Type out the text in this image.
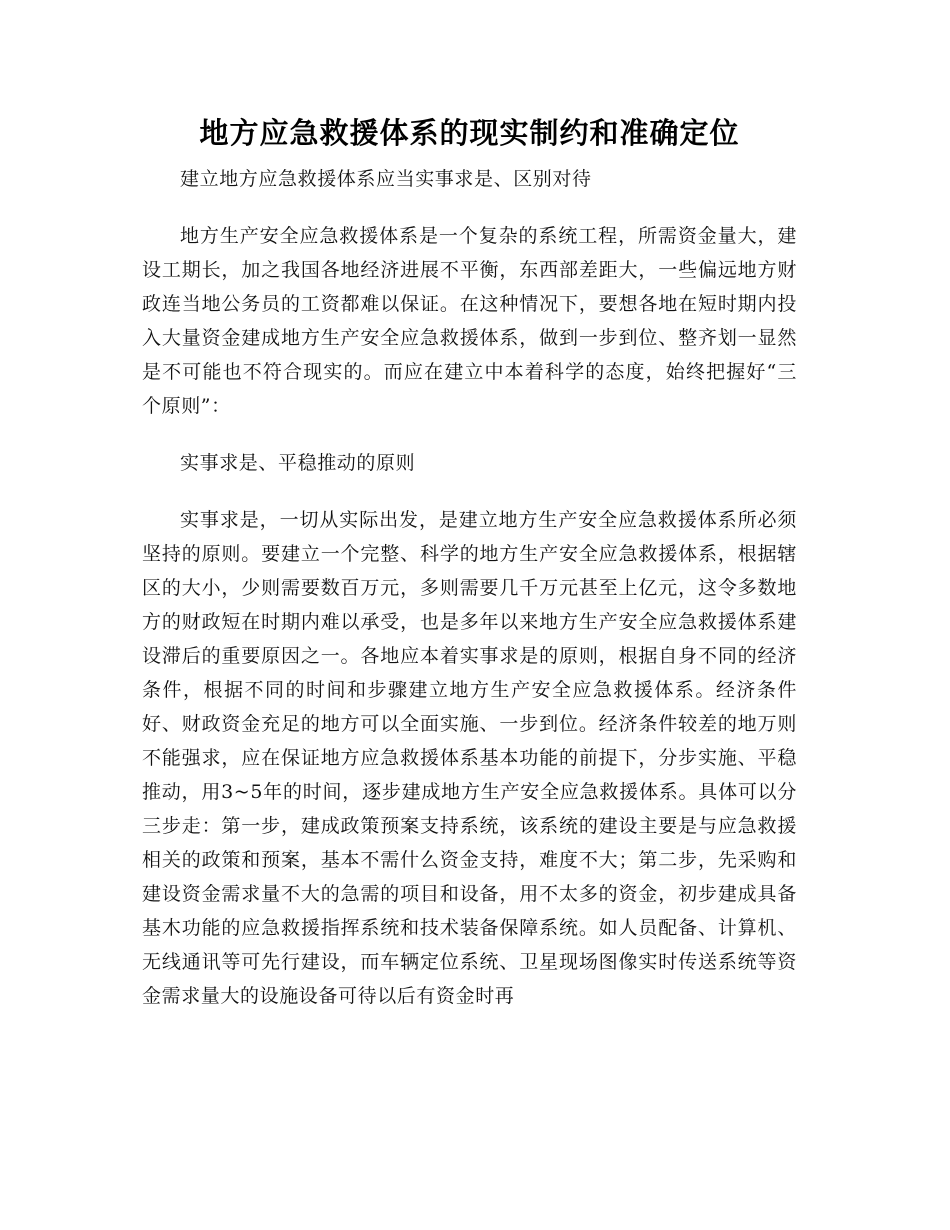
地方应急救援体系的现实制约和准确定位

建立地方应急救援体系应当实事求是、区别对待

地方生产安全应急救援体系是一个复杂的系统工程，所需资金量大，建设工期长，加之我国各地经济进展不平衡，东西部差距大，一些偏远地方财政连当地公务员的工资都难以保证。在这种情况下，要想各地在短时期内投入大量资金建成地方生产安全应急救援体系，做到一步到位、整齐划一显然是不可能也不符合现实的。而应在建立中本着科学的态度，始终把握好“三个原则”：

实事求是、平稳推动的原则

实事求是，一切从实际出发，是建立地方生产安全应急救援体系所必须坚持的原则。要建立一个完整、科学的地方生产安全应急救援体系，根据辖区的大小，少则需要数百万元，多则需要几千万元甚至上亿元，这令多数地方的财政短在时期内难以承受，也是多年以来地方生产安全应急救援体系建设滞后的重要原因之一。各地应本着实事求是的原则，根据自身不同的经济条件，根据不同的时间和步骤建立地方生产安全应急救援体系。经济条件好、财政资金充足的地方可以全面实施、一步到位。经济条件较差的地万则不能强求，应在保证地方应急救援体系基本功能的前提下，分步实施、平稳推动，用3~5年的时间，逐步建成地方生产安全应急救援体系。具体可以分三步走：第一步，建成政策预案支持系统，该系统的建设主要是与应急救援相关的政策和预案，基本不需什么资金支持，难度不大；第二步，先采购和建设资金需求量不大的急需的项目和设备，用不太多的资金，初步建成具备基木功能的应急救援指挥系统和技术装备保障系统。如人员配备、计算机、无线通讯等可先行建设，而车辆定位系统、卫星现场图像实时传送系统等资金需求量大的设施设备可待以后有资金时再
